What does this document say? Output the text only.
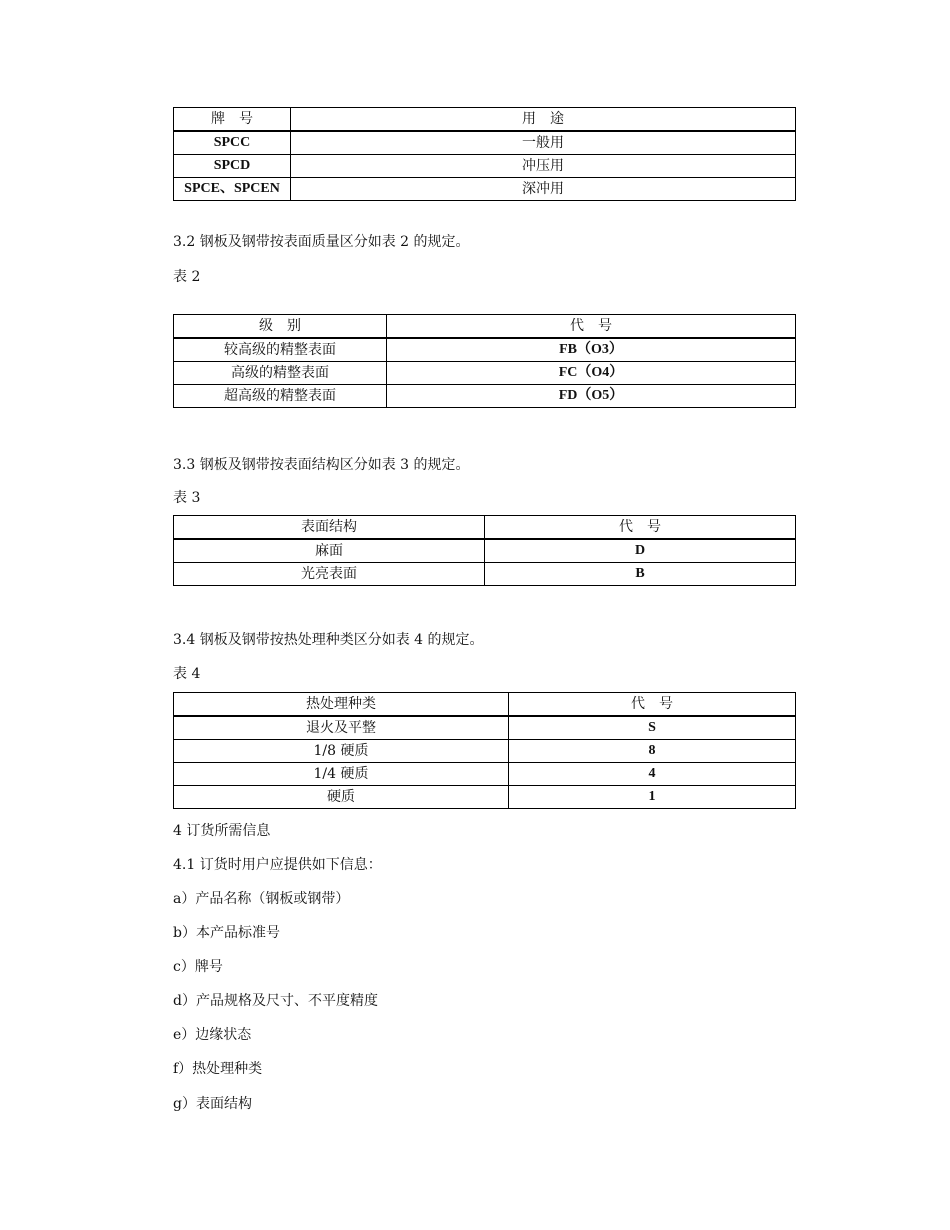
牌　号	用　途
SPCC	一般用
SPCD	冲压用
SPCE、SPCEN	深冲用
3.2 钢板及钢带按表面质量区分如表 2 的规定。
表 2
级　别	代　号
较高级的精整表面	FB（O3）
高级的精整表面	FC（O4）
超高级的精整表面	FD（O5）
3.3 钢板及钢带按表面结构区分如表 3 的规定。
表 3
表面结构	代　号
麻面	D
光亮表面	B
3.4 钢板及钢带按热处理种类区分如表 4 的规定。
表 4
热处理种类	代　号
退火及平整	S
1/8 硬质	8
1/4 硬质	4
硬质	1
4 订货所需信息
4.1 订货时用户应提供如下信息：
a）产品名称（钢板或钢带）
b）本产品标准号
c）牌号
d）产品规格及尺寸、不平度精度
e）边缘状态
f）热处理种类
g）表面结构
